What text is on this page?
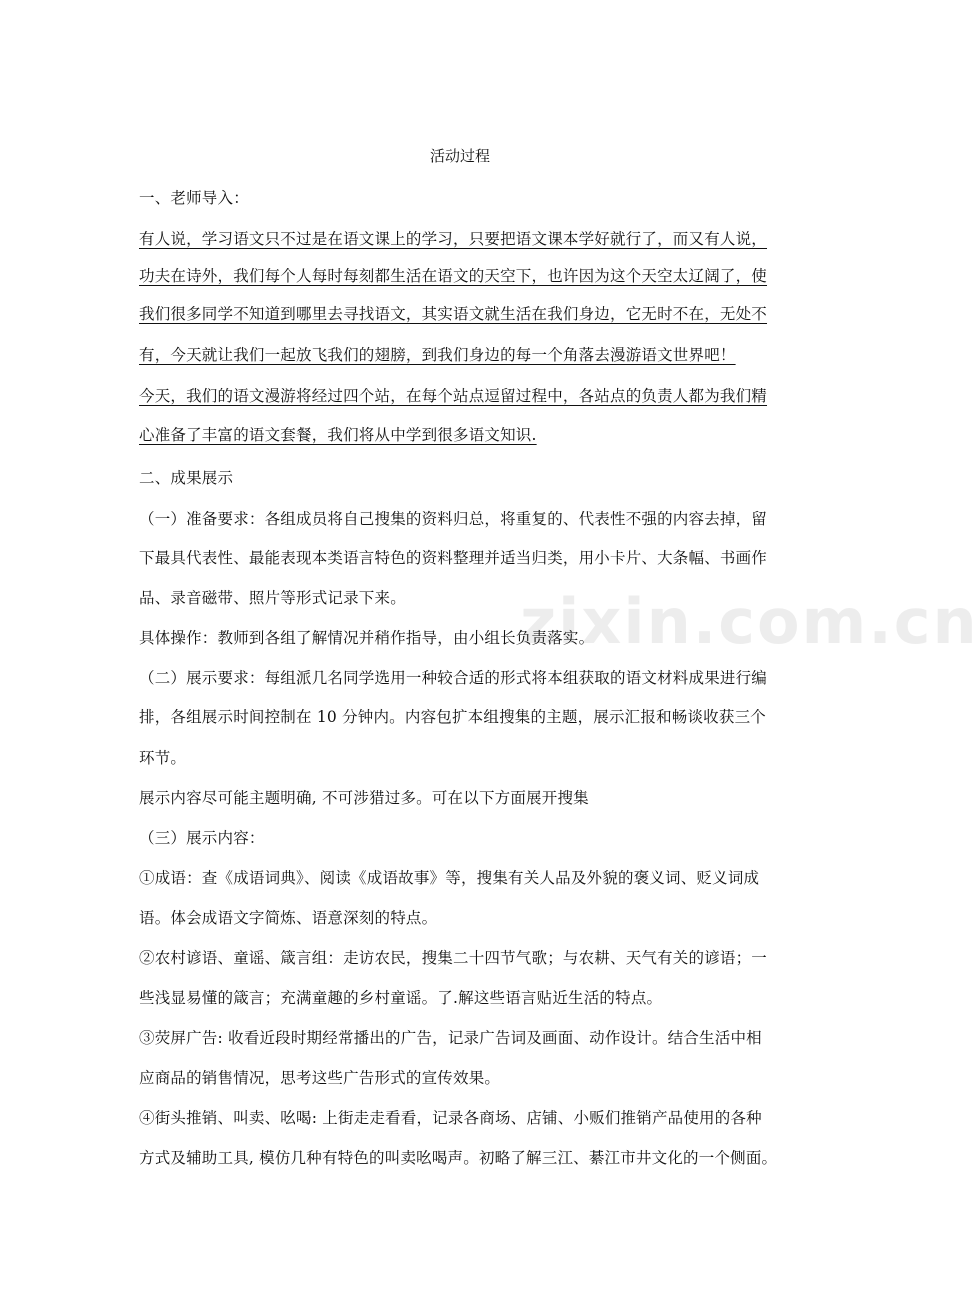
zixin.com.cn
活动过程
一、老师导入：
有人说，学习语文只不过是在语文课上的学习，只要把语文课本学好就行了，而又有人说，
功夫在诗外，我们每个人每时每刻都生活在语文的天空下，也许因为这个天空太辽阔了，使
我们很多同学不知道到哪里去寻找语文，其实语文就生活在我们身边，它无时不在，无处不
有，今天就让我们一起放飞我们的翅膀，到我们身边的每一个角落去漫游语文世界吧！
今天，我们的语文漫游将经过四个站，在每个站点逗留过程中，各站点的负责人都为我们精
心准备了丰富的语文套餐，我们将从中学到很多语文知识.
二、成果展示
（一）准备要求：各组成员将自己搜集的资料归总，将重复的、代表性不强的内容去掉，留
下最具代表性、最能表现本类语言特色的资料整理并适当归类，用小卡片、大条幅、书画作
品、录音磁带、照片等形式记录下来。
具体操作：教师到各组了解情况并稍作指导，由小组长负责落实。
（二）展示要求：每组派几名同学选用一种较合适的形式将本组获取的语文材料成果进行编
排，各组展示时间控制在 10 分钟内。内容包扩本组搜集的主题，展示汇报和畅谈收获三个
环节。
展示内容尽可能主题明确, 不可涉猎过多。可在以下方面展开搜集
（三）展示内容：
①成语：查《成语词典》、阅读《成语故事》等，搜集有关人品及外貌的褒义词、贬义词成
语。体会成语文字简炼、语意深刻的特点。
②农村谚语、童谣、箴言组：走访农民，搜集二十四节气歌；与农耕、天气有关的谚语；一
些浅显易懂的箴言；充满童趣的乡村童谣。了.解这些语言贴近生活的特点。
③荧屏广告: 收看近段时期经常播出的广告，记录广告词及画面、动作设计。结合生活中相
应商品的销售情况，思考这些广告形式的宣传效果。
④街头推销、叫卖、吆喝: 上街走走看看，记录各商场、店铺、小贩们推销产品使用的各种
方式及辅助工具, 模仿几种有特色的叫卖吆喝声。初略了解三江、綦江市井文化的一个侧面。
